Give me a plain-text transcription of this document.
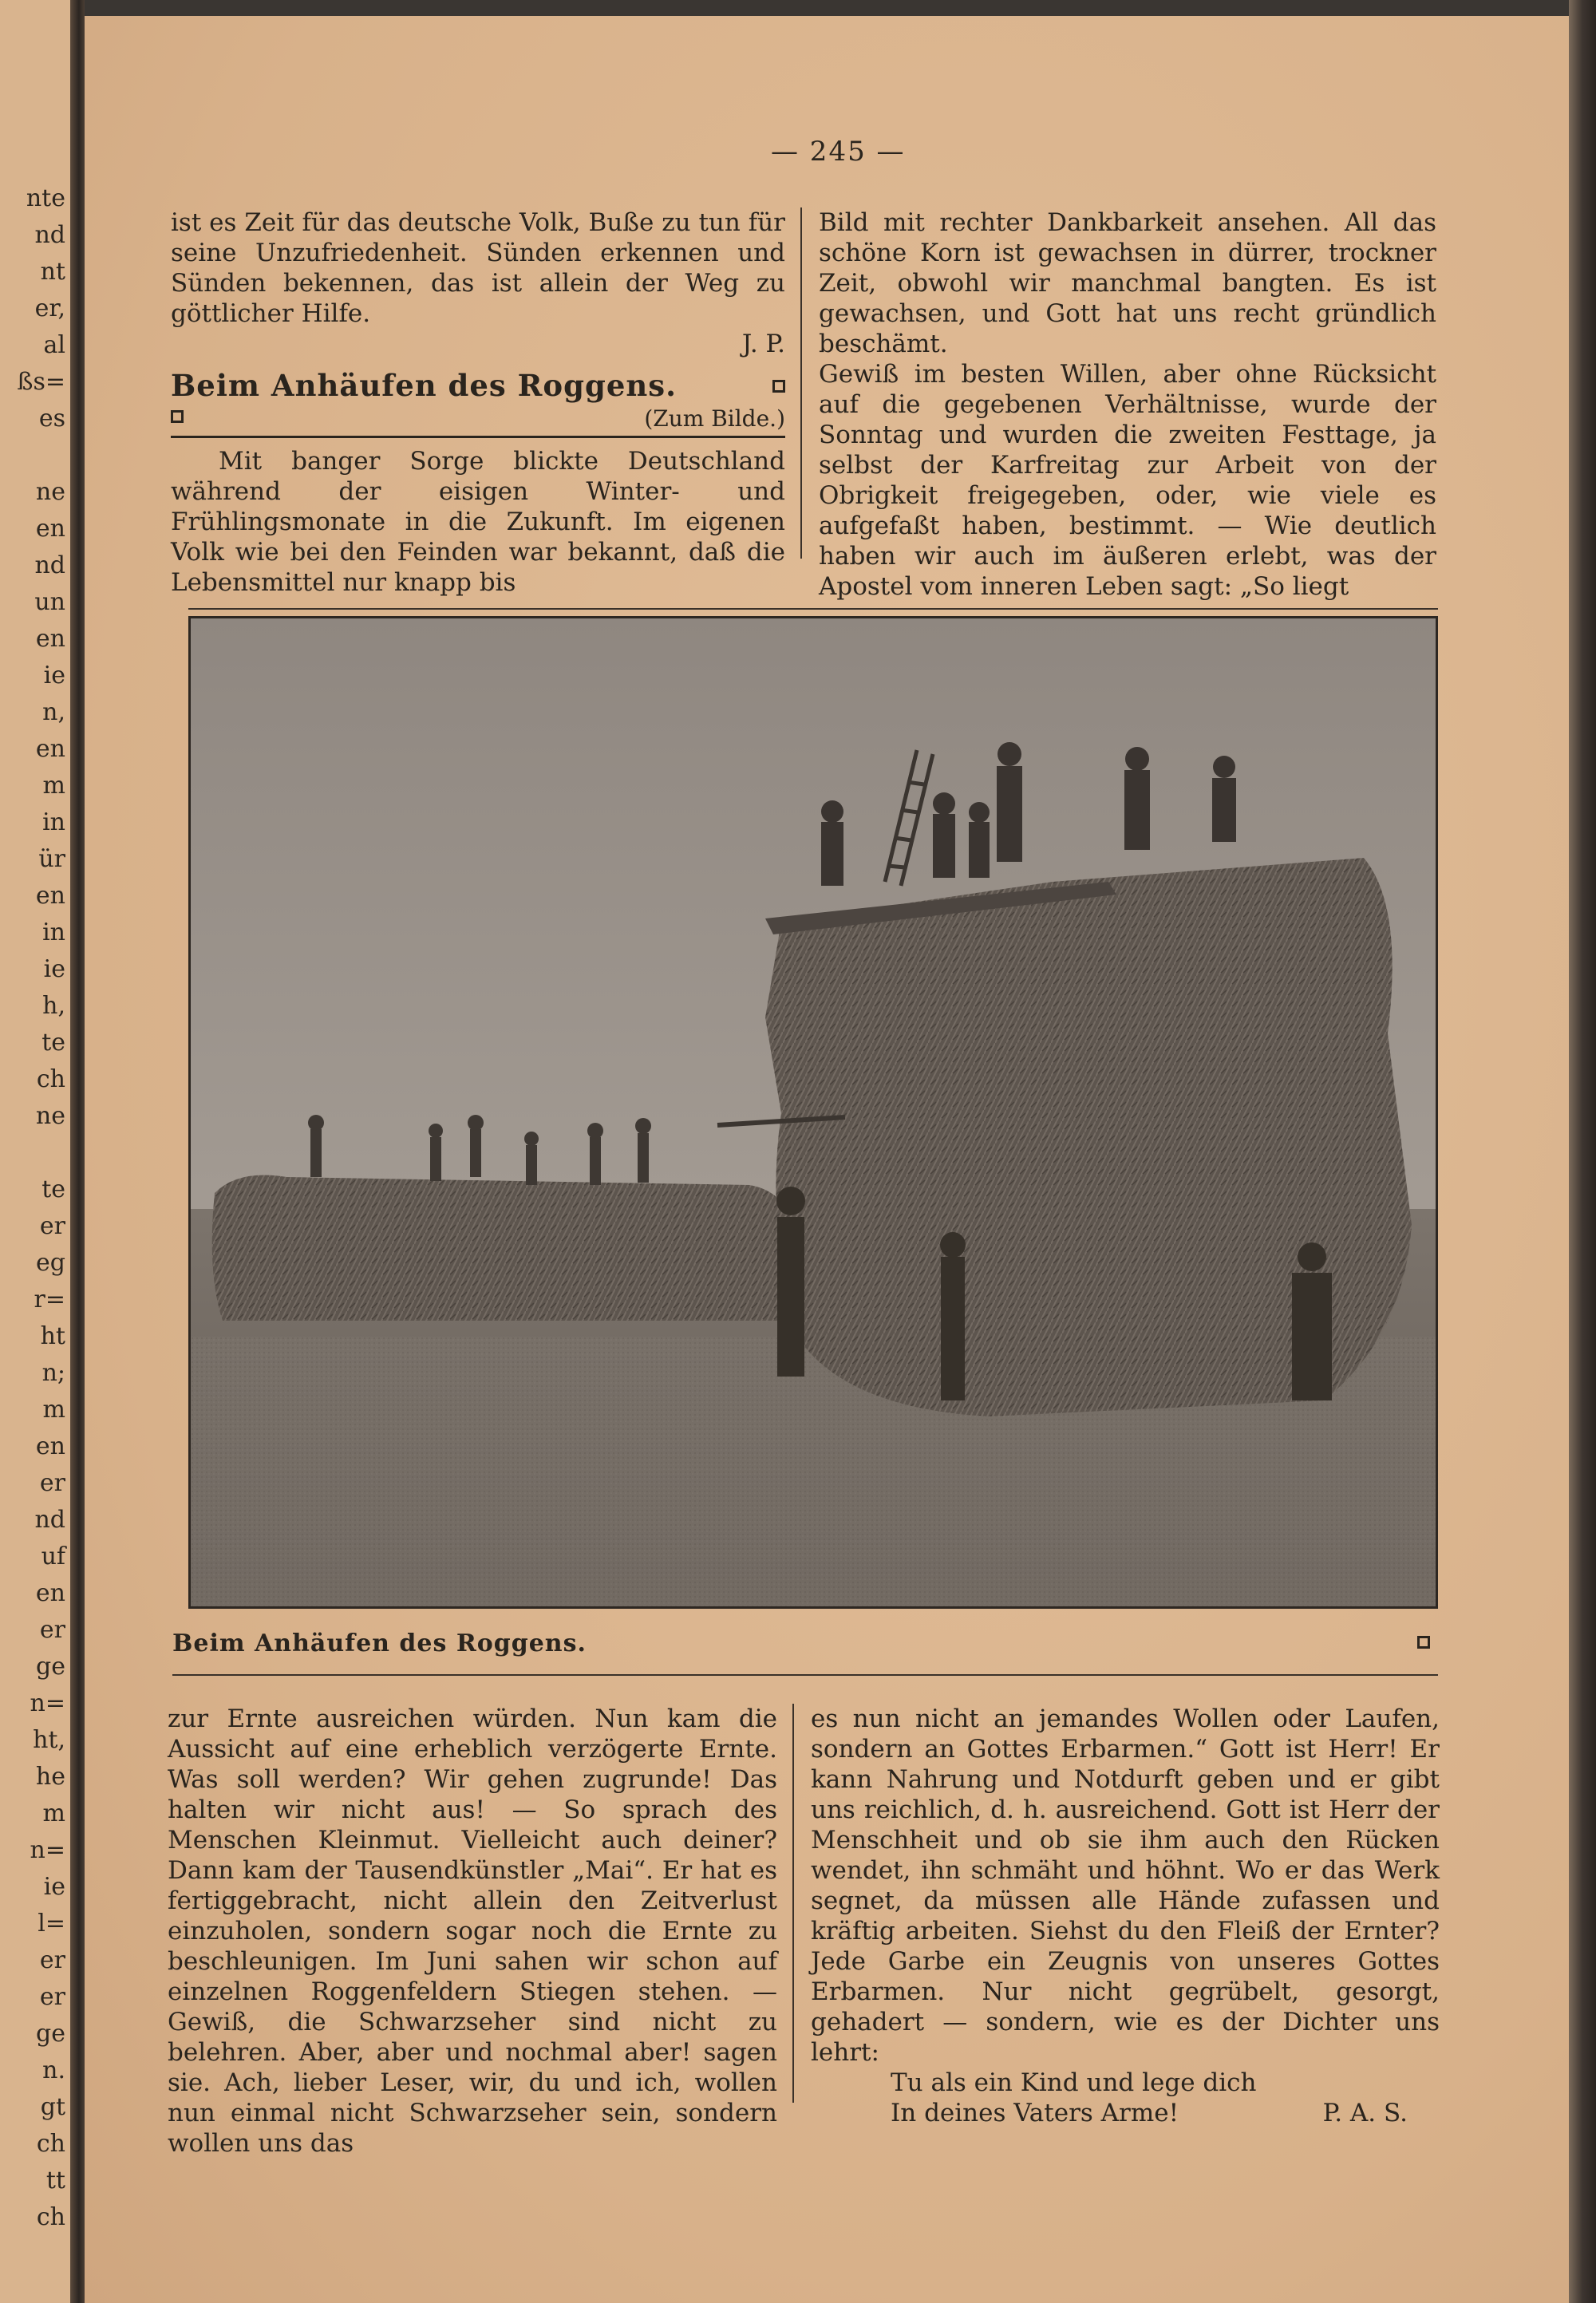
nte
nd
nt
er,
al
ßs=
es
ne
en
nd
un
en
ie
n,
en
m
in
ür
en
in
ie
h,
te
ch
ne
te
er
eg
r=
ht
n;
m
en
er
nd
uf
en
er
ge
n=
ht,
he
m
n=
ie
l=
er
er
ge
n.
gt
ch
tt
ch
— 245 —

ist es Zeit für das deutsche Volk, Buße zu tun für seine Unzufriedenheit. Sünden erkennen und Sünden bekennen, das ist allein der Weg zu göttlicher Hilfe.

J. P.

Beim Anhäufen des Roggens.
(Zum Bilde.)

Mit banger Sorge blickte Deutschland während der eisigen Winter- und Frühlingsmonate in die Zukunft. Im eigenen Volk wie bei den Feinden war bekannt, daß die Lebensmittel nur knapp bis

Bild mit rechter Dankbarkeit ansehen. All das schöne Korn ist gewachsen in dürrer, trockner Zeit, obwohl wir manchmal bangten. Es ist gewachsen, und Gott hat uns recht gründlich beschämt.

Gewiß im besten Willen, aber ohne Rücksicht auf die gegebenen Verhältnisse, wurde der Sonntag und wurden die zweiten Festtage, ja selbst der Karfreitag zur Arbeit von der Obrigkeit freigegeben, oder, wie viele es aufgefaßt haben, bestimmt. — Wie deutlich haben wir auch im äußeren erlebt, was der Apostel vom inneren Leben sagt: „So liegt

Beim Anhäufen des Roggens.

zur Ernte ausreichen würden. Nun kam die Aussicht auf eine erheblich verzögerte Ernte. Was soll werden? Wir gehen zugrunde! Das halten wir nicht aus! — So sprach des Menschen Kleinmut. Vielleicht auch deiner? Dann kam der Tausendkünstler „Mai“. Er hat es fertiggebracht, nicht allein den Zeitverlust einzuholen, sondern sogar noch die Ernte zu beschleunigen. Im Juni sahen wir schon auf einzelnen Roggenfeldern Stiegen stehen. — Gewiß, die Schwarzseher sind nicht zu belehren. Aber, aber und nochmal aber! sagen sie. Ach, lieber Leser, wir, du und ich, wollen nun einmal nicht Schwarzseher sein, sondern wollen uns das

es nun nicht an jemandes Wollen oder Laufen, sondern an Gottes Erbarmen.“ Gott ist Herr! Er kann Nahrung und Notdurft geben und er gibt uns reichlich, d. h. ausreichend. Gott ist Herr der Menschheit und ob sie ihm auch den Rücken wendet, ihn schmäht und höhnt. Wo er das Werk segnet, da müssen alle Hände zufassen und kräftig arbeiten. Siehst du den Fleiß der Ernter? Jede Garbe ein Zeugnis von unseres Gottes Erbarmen. Nur nicht gegrübelt, gesorgt, gehadert — sondern, wie es der Dichter uns lehrt:

Tu als ein Kind und lege dich
In deines Vaters Arme!	P. A. S.
